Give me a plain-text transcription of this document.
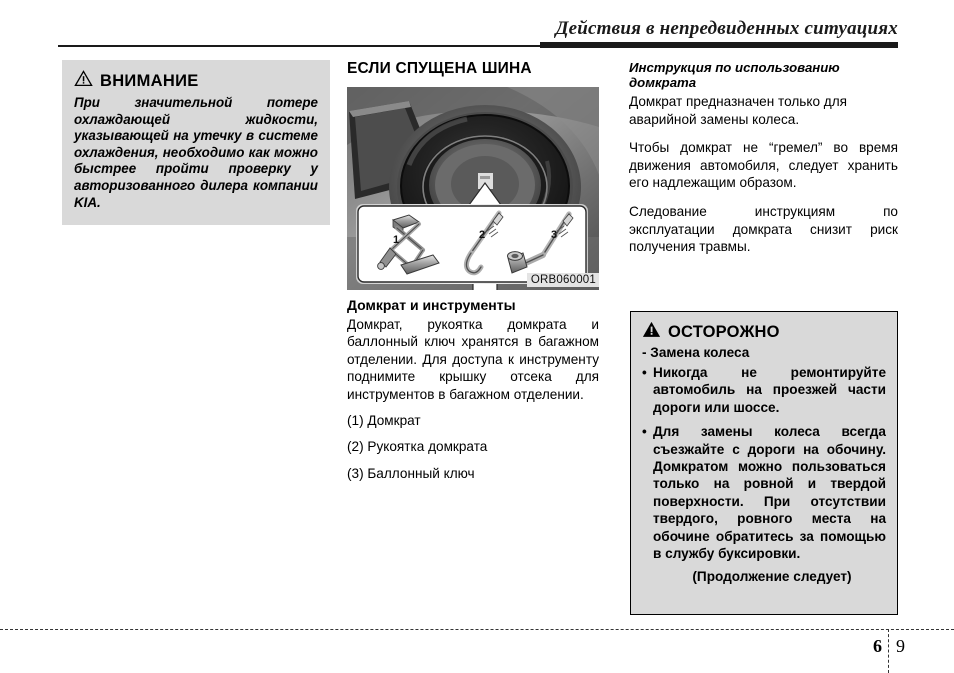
Действия в непредвиденных ситуациях
ВНИМАНИЕ

При значительной потере охлаждающей жидкости, указывающей на утечку в системе охлаждения, необходимо как можно быстрее пройти проверку у авторизованного дилера компании KIA.

ЕСЛИ СПУЩЕНА ШИНА
1	2	3
ORB060001
Домкрат и инструменты

Домкрат, рукоятка домкрата и баллонный ключ хранятся в багажном отделении. Для доступа к инструменту поднимите крышку отсека для инструментов в багажном отделении.

(1) Домкрат
(2) Рукоятка домкрата
(3) Баллонный ключ
Инструкция по использованию домкрата

Домкрат предназначен только для аварийной замены колеса.

Чтобы домкрат не “гремел” во время движения автомобиля, следует хранить его надлежащим образом.

Следование инструкциям по эксплуатации домкрата снизит риск получения травмы.

ОСТОРОЖНО
- Замена колеса
• Никогда не ремонтируйте автомобиль на проезжей части дороги или шоссе.
• Для замены колеса всегда съезжайте с дороги на обочину. Домкратом можно пользоваться только на ровной и твердой поверхности. При отсутствии твердого, ровного места на обочине обратитесь за помощью в службу буксировки.
(Продолжение следует)
6 9
